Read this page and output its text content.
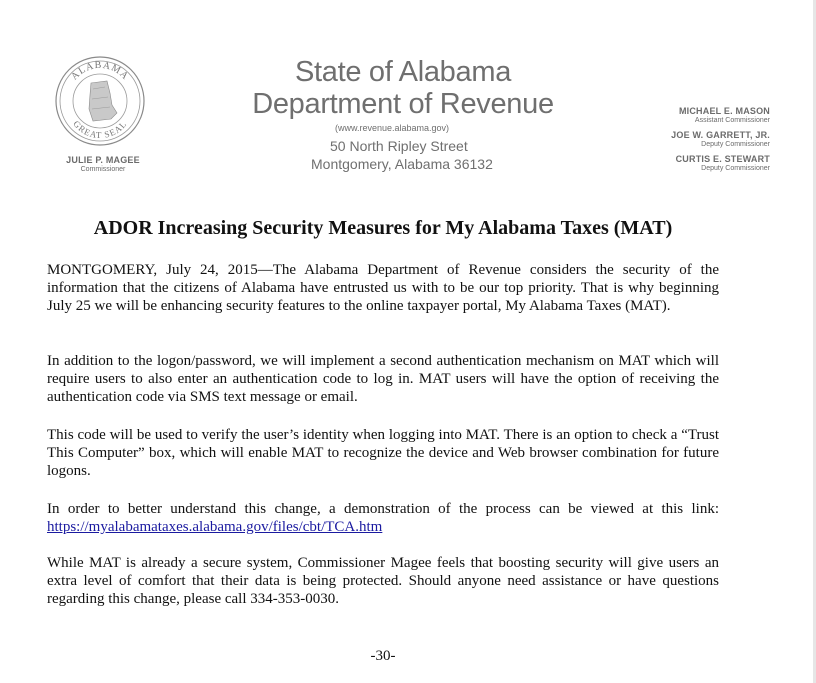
ALABAMA
GREAT SEAL
JULIE P. MAGEE
Commissioner
State of Alabama
Department of Revenue
(www.revenue.alabama.gov)
50 North Ripley Street
Montgomery, Alabama 36132
MICHAEL E. MASON
Assistant Commissioner
JOE W. GARRETT, JR.
Deputy Commissioner
CURTIS E. STEWART
Deputy Commissioner
ADOR Increasing Security Measures for My Alabama Taxes (MAT)

MONTGOMERY, July 24, 2015—The Alabama Department of Revenue considers the security of the information that the citizens of Alabama have entrusted us with to be our top priority. That is why beginning July 25 we will be enhancing security features to the online taxpayer portal, My Alabama Taxes (MAT).

In addition to the logon/password, we will implement a second authentication mechanism on MAT which will require users to also enter an authentication code to log in. MAT users will have the option of receiving the authentication code via SMS text message or email.

This code will be used to verify the user’s identity when logging into MAT. There is an option to check a “Trust This Computer” box, which will enable MAT to recognize the device and Web browser combination for future logons.

In order to better understand this change, a demonstration of the process can be viewed at this link: https://myalabamataxes.alabama.gov/files/cbt/TCA.htm

While MAT is already a secure system, Commissioner Magee feels that boosting security will give users an extra level of comfort that their data is being protected. Should anyone need assistance or have questions regarding this change, please call 334-353-0030.

-30-
